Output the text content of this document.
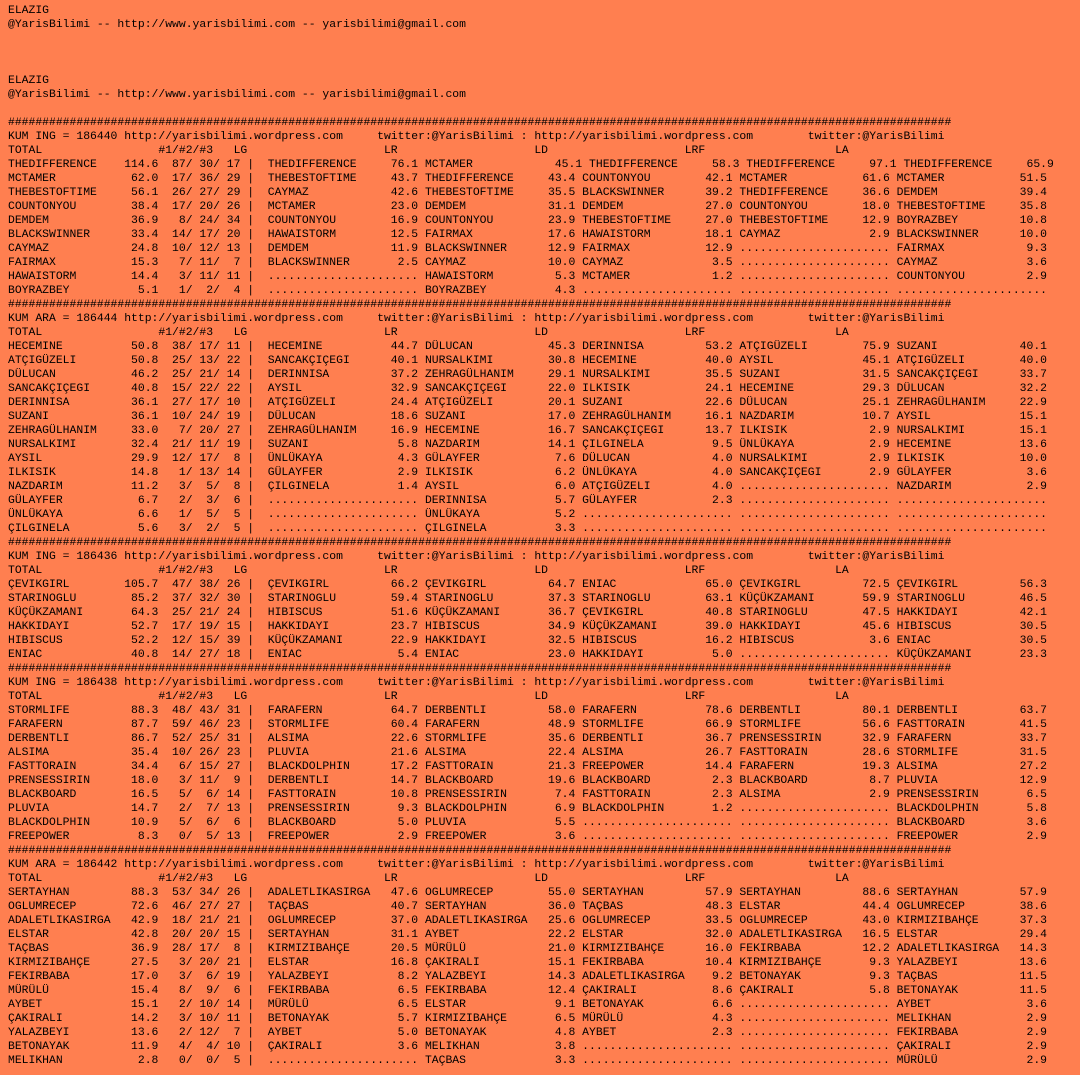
ELAZIG
@YarisBilimi -- http://www.yarisbilimi.com -- yarisbilimi@gmail.com
ELAZIG
@YarisBilimi -- http://www.yarisbilimi.com -- yarisbilimi@gmail.com
##########################################################################################################################################
KUM ING = 186440 http://yarisbilimi.wordpress.com     twitter:@YarisBilimi : http://yarisbilimi.wordpress.com        twitter:@YarisBilimi
TOTAL                 #1/#2/#3   LG                    LR                    LD                    LRF                   LA
THEDIFFERENCE    114.6  87/ 30/ 17 |  THEDIFFERENCE     76.1 MCTAMER            45.1 THEDIFFERENCE     58.3 THEDIFFERENCE     97.1 THEDIFFERENCE     65.9
MCTAMER           62.0  17/ 36/ 29 |  THEBESTOFTIME     43.7 THEDIFFERENCE     43.4 COUNTONYOU        42.1 MCTAMER           61.6 MCTAMER           51.5
THEBESTOFTIME     56.1  26/ 27/ 29 |  CAYMAZ            42.6 THEBESTOFTIME     35.5 BLACKSWINNER      39.2 THEDIFFERENCE     36.6 DEMDEM            39.4
COUNTONYOU        38.4  17/ 20/ 26 |  MCTAMER           23.0 DEMDEM            31.1 DEMDEM            27.0 COUNTONYOU        18.0 THEBESTOFTIME     35.8
DEMDEM            36.9   8/ 24/ 34 |  COUNTONYOU        16.9 COUNTONYOU        23.9 THEBESTOFTIME     27.0 THEBESTOFTIME     12.9 BOYRAZBEY         10.8
BLACKSWINNER      33.4  14/ 17/ 20 |  HAWAISTORM        12.5 FAIRMAX           17.6 HAWAISTORM        18.1 CAYMAZ             2.9 BLACKSWINNER      10.0
CAYMAZ            24.8  10/ 12/ 13 |  DEMDEM            11.9 BLACKSWINNER      12.9 FAIRMAX           12.9 ...................... FAIRMAX            9.3
FAIRMAX           15.3   7/ 11/  7 |  BLACKSWINNER       2.5 CAYMAZ            10.0 CAYMAZ             3.5 ...................... CAYMAZ             3.6
HAWAISTORM        14.4   3/ 11/ 11 |  ...................... HAWAISTORM         5.3 MCTAMER            1.2 ...................... COUNTONYOU         2.9
BOYRAZBEY          5.1   1/  2/  4 |  ...................... BOYRAZBEY          4.3 ...................... ...................... ......................
##########################################################################################################################################
KUM ARA = 186444 http://yarisbilimi.wordpress.com     twitter:@YarisBilimi : http://yarisbilimi.wordpress.com        twitter:@YarisBilimi
TOTAL                 #1/#2/#3   LG                    LR                    LD                    LRF                   LA
HECEMINE          50.8  38/ 17/ 11 |  HECEMINE          44.7 DÜLUCAN           45.3 DERINNISA         53.2 ATÇIGÜZELI        75.9 SUZANI            40.1
ATÇIGÜZELI        50.8  25/ 13/ 22 |  SANCAKÇIÇEGI      40.1 NURSALKIMI        30.8 HECEMINE          40.0 AYSIL             45.1 ATÇIGÜZELI        40.0
DÜLUCAN           46.2  25/ 21/ 14 |  DERINNISA         37.2 ZEHRAGÜLHANIM     29.1 NURSALKIMI        35.5 SUZANI            31.5 SANCAKÇIÇEGI      33.7
SANCAKÇIÇEGI      40.8  15/ 22/ 22 |  AYSIL             32.9 SANCAKÇIÇEGI      22.0 ILKISIK           24.1 HECEMINE          29.3 DÜLUCAN           32.2
DERINNISA         36.1  27/ 17/ 10 |  ATÇIGÜZELI        24.4 ATÇIGÜZELI        20.1 SUZANI            22.6 DÜLUCAN           25.1 ZEHRAGÜLHANIM     22.9
SUZANI            36.1  10/ 24/ 19 |  DÜLUCAN           18.6 SUZANI            17.0 ZEHRAGÜLHANIM     16.1 NAZDARIM          10.7 AYSIL             15.1
ZEHRAGÜLHANIM     33.0   7/ 20/ 27 |  ZEHRAGÜLHANIM     16.9 HECEMINE          16.7 SANCAKÇIÇEGI      13.7 ILKISIK            2.9 NURSALKIMI        15.1
NURSALKIMI        32.4  21/ 11/ 19 |  SUZANI             5.8 NAZDARIM          14.1 ÇILGINELA          9.5 ÜNLÜKAYA           2.9 HECEMINE          13.6
AYSIL             29.9  12/ 17/  8 |  ÜNLÜKAYA           4.3 GÜLAYFER           7.6 DÜLUCAN            4.0 NURSALKIMI         2.9 ILKISIK           10.0
ILKISIK           14.8   1/ 13/ 14 |  GÜLAYFER           2.9 ILKISIK            6.2 ÜNLÜKAYA           4.0 SANCAKÇIÇEGI       2.9 GÜLAYFER           3.6
NAZDARIM          11.2   3/  5/  8 |  ÇILGINELA          1.4 AYSIL              6.0 ATÇIGÜZELI         4.0 ...................... NAZDARIM           2.9
GÜLAYFER           6.7   2/  3/  6 |  ...................... DERINNISA          5.7 GÜLAYFER           2.3 ...................... ......................
ÜNLÜKAYA           6.6   1/  5/  5 |  ...................... ÜNLÜKAYA           5.2 ...................... ...................... ......................
ÇILGINELA          5.6   3/  2/  5 |  ...................... ÇILGINELA          3.3 ...................... ...................... ......................
##########################################################################################################################################
KUM ING = 186436 http://yarisbilimi.wordpress.com     twitter:@YarisBilimi : http://yarisbilimi.wordpress.com        twitter:@YarisBilimi
TOTAL                 #1/#2/#3   LG                    LR                    LD                    LRF                   LA
ÇEVIKGIRL        105.7  47/ 38/ 26 |  ÇEVIKGIRL         66.2 ÇEVIKGIRL         64.7 ENIAC             65.0 ÇEVIKGIRL         72.5 ÇEVIKGIRL         56.3
STARINOGLU        85.2  37/ 32/ 30 |  STARINOGLU        59.4 STARINOGLU        37.3 STARINOGLU        63.1 KÜÇÜKZAMANI       59.9 STARINOGLU        46.5
KÜÇÜKZAMANI       64.3  25/ 21/ 24 |  HIBISCUS          51.6 KÜÇÜKZAMANI       36.7 ÇEVIKGIRL         40.8 STARINOGLU        47.5 HAKKIDAYI         42.1
HAKKIDAYI         52.7  17/ 19/ 15 |  HAKKIDAYI         23.7 HIBISCUS          34.9 KÜÇÜKZAMANI       39.0 HAKKIDAYI         45.6 HIBISCUS          30.5
HIBISCUS          52.2  12/ 15/ 39 |  KÜÇÜKZAMANI       22.9 HAKKIDAYI         32.5 HIBISCUS          16.2 HIBISCUS           3.6 ENIAC             30.5
ENIAC             40.8  14/ 27/ 18 |  ENIAC              5.4 ENIAC             23.0 HAKKIDAYI          5.0 ...................... KÜÇÜKZAMANI       23.3
##########################################################################################################################################
KUM ING = 186438 http://yarisbilimi.wordpress.com     twitter:@YarisBilimi : http://yarisbilimi.wordpress.com        twitter:@YarisBilimi
TOTAL                 #1/#2/#3   LG                    LR                    LD                    LRF                   LA
STORMLIFE         88.3  48/ 43/ 31 |  FARAFERN          64.7 DERBENTLI         58.0 FARAFERN          78.6 DERBENTLI         80.1 DERBENTLI         63.7
FARAFERN          87.7  59/ 46/ 23 |  STORMLIFE         60.4 FARAFERN          48.9 STORMLIFE         66.9 STORMLIFE         56.6 FASTTORAIN        41.5
DERBENTLI         86.7  52/ 25/ 31 |  ALSIMA            22.6 STORMLIFE         35.6 DERBENTLI         36.7 PRENSESSIRIN      32.9 FARAFERN          33.7
ALSIMA            35.4  10/ 26/ 23 |  PLUVIA            21.6 ALSIMA            22.4 ALSIMA            26.7 FASTTORAIN        28.6 STORMLIFE         31.5
FASTTORAIN        34.4   6/ 15/ 27 |  BLACKDOLPHIN      17.2 FASTTORAIN        21.3 FREEPOWER         14.4 FARAFERN          19.3 ALSIMA            27.2
PRENSESSIRIN      18.0   3/ 11/  9 |  DERBENTLI         14.7 BLACKBOARD        19.6 BLACKBOARD         2.3 BLACKBOARD         8.7 PLUVIA            12.9
BLACKBOARD        16.5   5/  6/ 14 |  FASTTORAIN        10.8 PRENSESSIRIN       7.4 FASTTORAIN         2.3 ALSIMA             2.9 PRENSESSIRIN       6.5
PLUVIA            14.7   2/  7/ 13 |  PRENSESSIRIN       9.3 BLACKDOLPHIN       6.9 BLACKDOLPHIN       1.2 ...................... BLACKDOLPHIN       5.8
BLACKDOLPHIN      10.9   5/  6/  6 |  BLACKBOARD         5.0 PLUVIA             5.5 ...................... ...................... BLACKBOARD         3.6
FREEPOWER          8.3   0/  5/ 13 |  FREEPOWER          2.9 FREEPOWER          3.6 ...................... ...................... FREEPOWER          2.9
##########################################################################################################################################
KUM ARA = 186442 http://yarisbilimi.wordpress.com     twitter:@YarisBilimi : http://yarisbilimi.wordpress.com        twitter:@YarisBilimi
TOTAL                 #1/#2/#3   LG                    LR                    LD                    LRF                   LA
SERTAYHAN         88.3  53/ 34/ 26 |  ADALETLIKASIRGA   47.6 OGLUMRECEP        55.0 SERTAYHAN         57.9 SERTAYHAN         88.6 SERTAYHAN         57.9
OGLUMRECEP        72.6  46/ 27/ 27 |  TAÇBAS            40.7 SERTAYHAN         36.0 TAÇBAS            48.3 ELSTAR            44.4 OGLUMRECEP        38.6
ADALETLIKASIRGA   42.9  18/ 21/ 21 |  OGLUMRECEP        37.0 ADALETLIKASIRGA   25.6 OGLUMRECEP        33.5 OGLUMRECEP        43.0 KIRMIZIBAHÇE      37.3
ELSTAR            42.8  20/ 20/ 15 |  SERTAYHAN         31.1 AYBET             22.2 ELSTAR            32.0 ADALETLIKASIRGA   16.5 ELSTAR            29.4
TAÇBAS            36.9  28/ 17/  8 |  KIRMIZIBAHÇE      20.5 MÜRÜLÜ            21.0 KIRMIZIBAHÇE      16.0 FEKIRBABA         12.2 ADALETLIKASIRGA   14.3
KIRMIZIBAHÇE      27.5   3/ 20/ 21 |  ELSTAR            16.8 ÇAKIRALI          15.1 FEKIRBABA         10.4 KIRMIZIBAHÇE       9.3 YALAZBEYI         13.6
FEKIRBABA         17.0   3/  6/ 19 |  YALAZBEYI          8.2 YALAZBEYI         14.3 ADALETLIKASIRGA    9.2 BETONAYAK          9.3 TAÇBAS            11.5
MÜRÜLÜ            15.4   8/  9/  6 |  FEKIRBABA          6.5 FEKIRBABA         12.4 ÇAKIRALI           8.6 ÇAKIRALI           5.8 BETONAYAK         11.5
AYBET             15.1   2/ 10/ 14 |  MÜRÜLÜ             6.5 ELSTAR             9.1 BETONAYAK          6.6 ...................... AYBET              3.6
ÇAKIRALI          14.2   3/ 10/ 11 |  BETONAYAK          5.7 KIRMIZIBAHÇE       6.5 MÜRÜLÜ             4.3 ...................... MELIKHAN           2.9
YALAZBEYI         13.6   2/ 12/  7 |  AYBET              5.0 BETONAYAK          4.8 AYBET              2.3 ...................... FEKIRBABA          2.9
BETONAYAK         11.9   4/  4/ 10 |  ÇAKIRALI           3.6 MELIKHAN           3.8 ...................... ...................... ÇAKIRALI           2.9
MELIKHAN           2.8   0/  0/  5 |  ...................... TAÇBAS             3.3 ...................... ...................... MÜRÜLÜ             2.9
